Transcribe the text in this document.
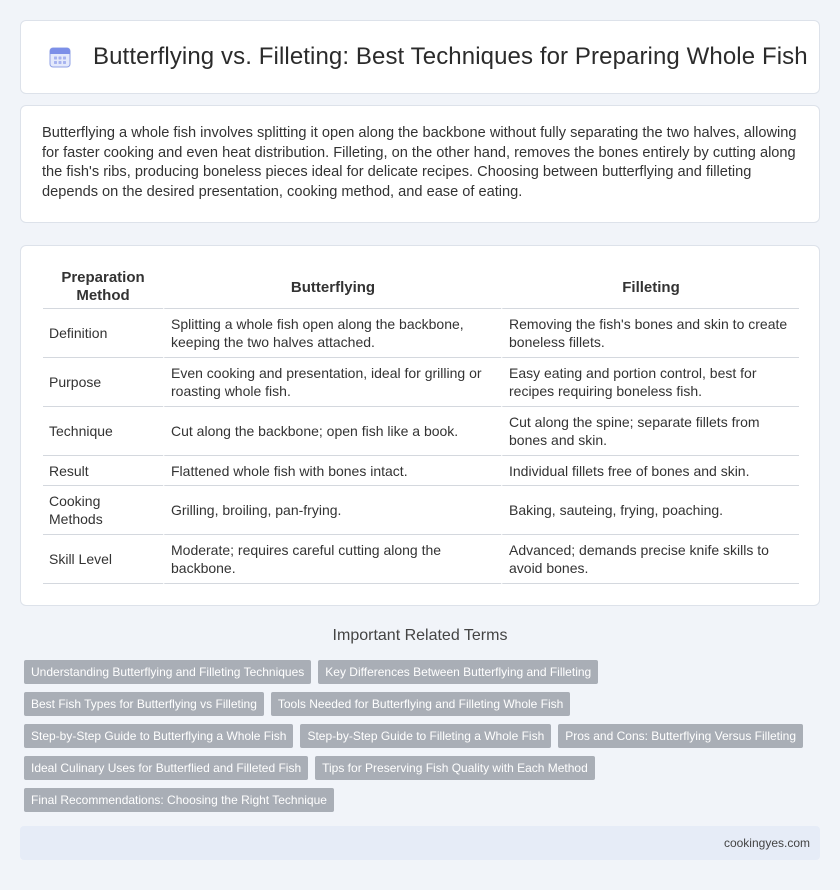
Butterflying vs. Filleting: Best Techniques for Preparing Whole Fish

Butterflying a whole fish involves splitting it open along the backbone without fully separating the two halves, allowing for faster cooking and even heat distribution. Filleting, on the other hand, removes the bones entirely by cutting along the fish's ribs, producing boneless pieces ideal for delicate recipes. Choosing between butterflying and filleting depends on the desired presentation, cooking method, and ease of eating.

Preparation Method	Butterflying	Filleting
Definition	Splitting a whole fish open along the backbone, keeping the two halves attached.	Removing the fish's bones and skin to create boneless fillets.
Purpose	Even cooking and presentation, ideal for grilling or roasting whole fish.	Easy eating and portion control, best for recipes requiring boneless fish.
Technique	Cut along the backbone; open fish like a book.	Cut along the spine; separate fillets from bones and skin.
Result	Flattened whole fish with bones intact.	Individual fillets free of bones and skin.
Cooking Methods	Grilling, broiling, pan-frying.	Baking, sauteing, frying, poaching.
Skill Level	Moderate; requires careful cutting along the backbone.	Advanced; demands precise knife skills to avoid bones.
Important Related Terms
Understanding Butterflying and Filleting Techniques	Key Differences Between Butterflying and Filleting
Best Fish Types for Butterflying vs Filleting	Tools Needed for Butterflying and Filleting Whole Fish
Step-by-Step Guide to Butterflying a Whole Fish	Step-by-Step Guide to Filleting a Whole Fish	Pros and Cons: Butterflying Versus Filleting
Ideal Culinary Uses for Butterflied and Filleted Fish	Tips for Preserving Fish Quality with Each Method
Final Recommendations: Choosing the Right Technique
cookingyes.com
